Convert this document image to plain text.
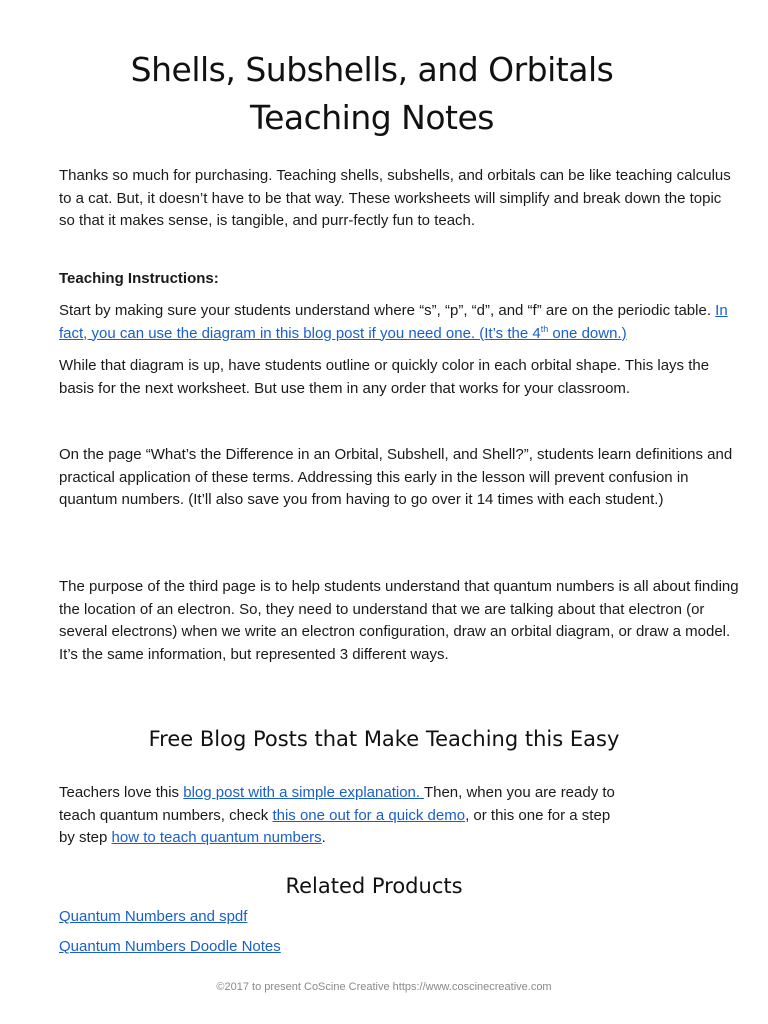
Shells, Subshells, and Orbitals
Teaching Notes

Thanks so much for purchasing. Teaching shells, subshells, and orbitals can be like teaching calculus to a cat. But, it doesn’t have to be that way. These worksheets will simplify and break down the topic so that it makes sense, is tangible, and purr-fectly fun to teach.

Teaching Instructions:

Start by making sure your students understand where “s”, “p”, “d”, and “f” are on the periodic table. In fact, you can use the diagram in this blog post if you need one. (It’s the 4th one down.)

While that diagram is up, have students outline or quickly color in each orbital shape. This lays the basis for the next worksheet. But use them in any order that works for your classroom.

On the page “What’s the Difference in an Orbital, Subshell, and Shell?”, students learn definitions and practical application of these terms. Addressing this early in the lesson will prevent confusion in quantum numbers. (It’ll also save you from having to go over it 14 times with each student.)

The purpose of the third page is to help students understand that quantum numbers is all about finding the location of an electron. So, they need to understand that we are talking about that electron (or several electrons) when we write an electron configuration, draw an orbital diagram, or draw a model. It’s the same information, but represented 3 different ways.

Free Blog Posts that Make Teaching this Easy

Teachers love this blog post with a simple explanation. Then, when you are ready to
teach quantum numbers, check this one out for a quick demo, or this one for a step
by step how to teach quantum numbers.

Related Products
Quantum Numbers and spdf
Quantum Numbers Doodle Notes
©2017 to present CoScine Creative https://www.coscinecreative.com
